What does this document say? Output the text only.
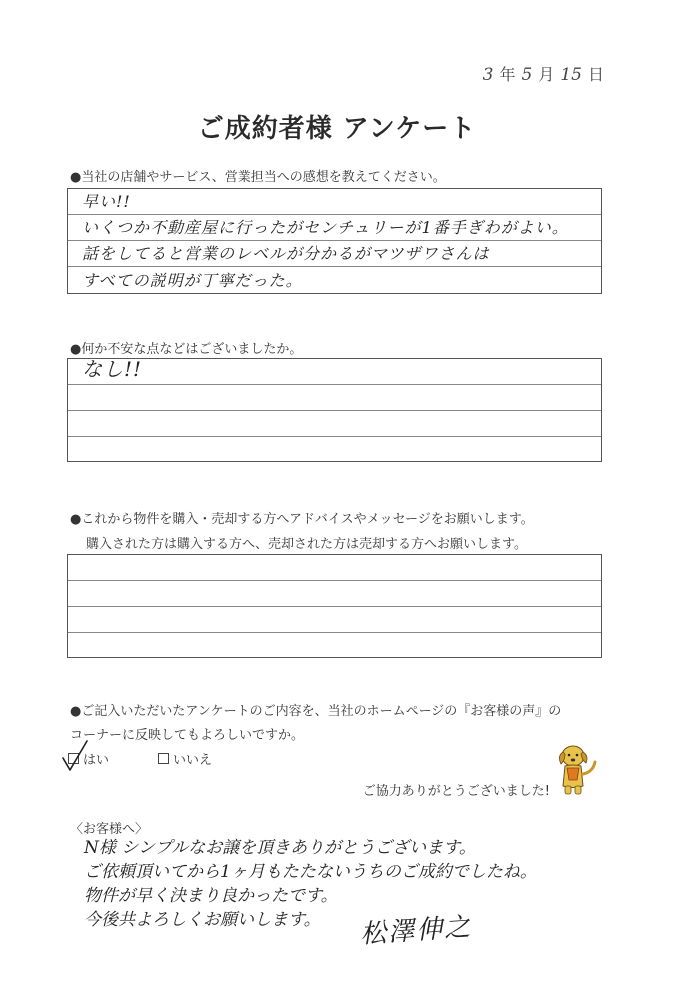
3 年 5 月 15 日
ご成約者様 アンケート
●当社の店舗やサービス、営業担当への感想を教えてください。
早い!!
いくつか不動産屋に行ったがセンチュリーが1番手ぎわがよい。
話をしてると営業のレベルが分かるがマツザワさんは
すべての説明が丁寧だった。
●何か不安な点などはございましたか。
なし!!
●これから物件を購入・売却する方へアドバイスやメッセージをお願いします。
購入された方は購入する方へ、売却された方は売却する方へお願いします。
●ご記入いただいたアンケートのご内容を、当社のホームページの『お客様の声』の
コーナーに反映してもよろしいですか。
はい	いいえ
ご協力ありがとうございました!
〈お客様へ〉
N様 シンプルなお譲を頂きありがとうございます。
ご依頼頂いてから1ヶ月もたたないうちのご成約でしたね。
物件が早く決まり良かったです。
今後共よろしくお願いします。	松澤伸之
